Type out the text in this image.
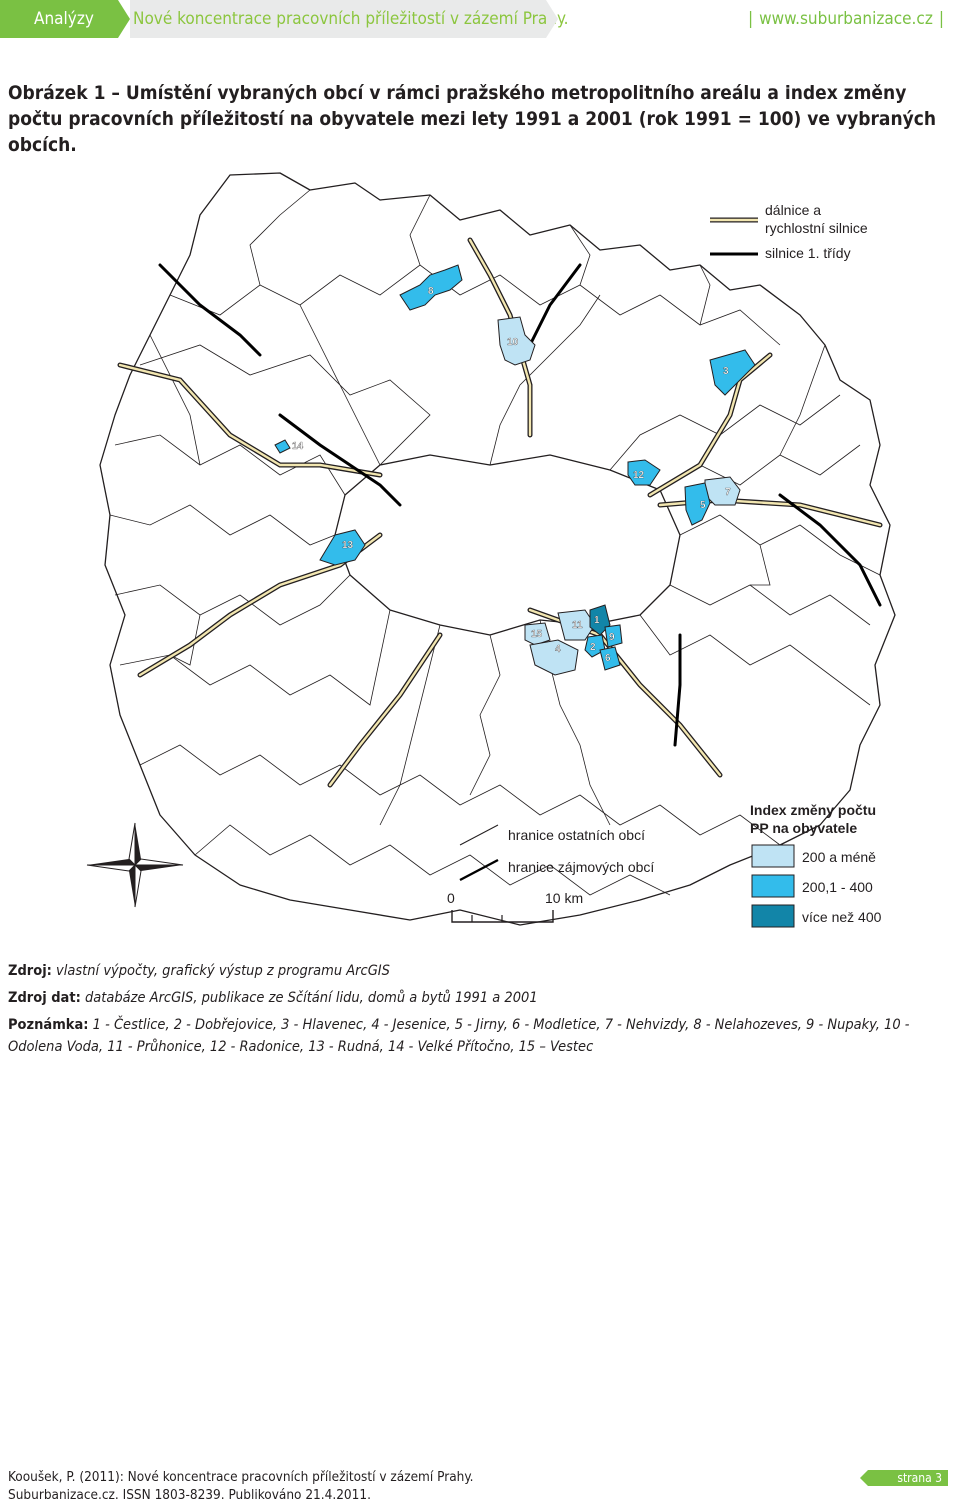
Analýzy	Nové koncentrace pracovních příležitostí v zázemí Prahy.	| www.suburbanizace.cz |
Obrázek 1 – Umístění vybraných obcí v rámci pražského metropolitního areálu a index změny počtu pracovních příležitostí na obyvatele mezi lety 1991 a 2001 (rok 1991 = 100) ve vybraných obcích.
8
10
3
14
12
7
5
13
15
4
11 1
9
2
6
dálnice a
rychlostní silnice
silnice 1. třídy
hranice ostatních obcí
hranice zájmových obcí
0	10 km
Index změny počtu
PP na obyvatele
200 a méně
200,1 - 400
více než 400
Zdroj: vlastní výpočty, grafický výstup z programu ArcGIS
Zdroj dat: databáze ArcGIS, publikace ze Sčítání lidu, domů a bytů 1991 a 2001
Poznámka: 1 - Čestlice, 2 - Dobřejovice, 3 - Hlavenec, 4 - Jesenice, 5 - Jirny, 6 - Modletice, 7 - Nehvizdy, 8 - Nelahozeves, 9 - Nupaky, 10 - Odolena Voda, 11 - Průhonice, 12 - Radonice, 13 - Rudná, 14 - Velké Přítočno, 15 – Vestec
Kooušek, P. (2011): Nové koncentrace pracovních příležitostí v zázemí Prahy.
Suburbanizace.cz. ISSN 1803-8239. Publikováno 21.4.2011.
strana 3
